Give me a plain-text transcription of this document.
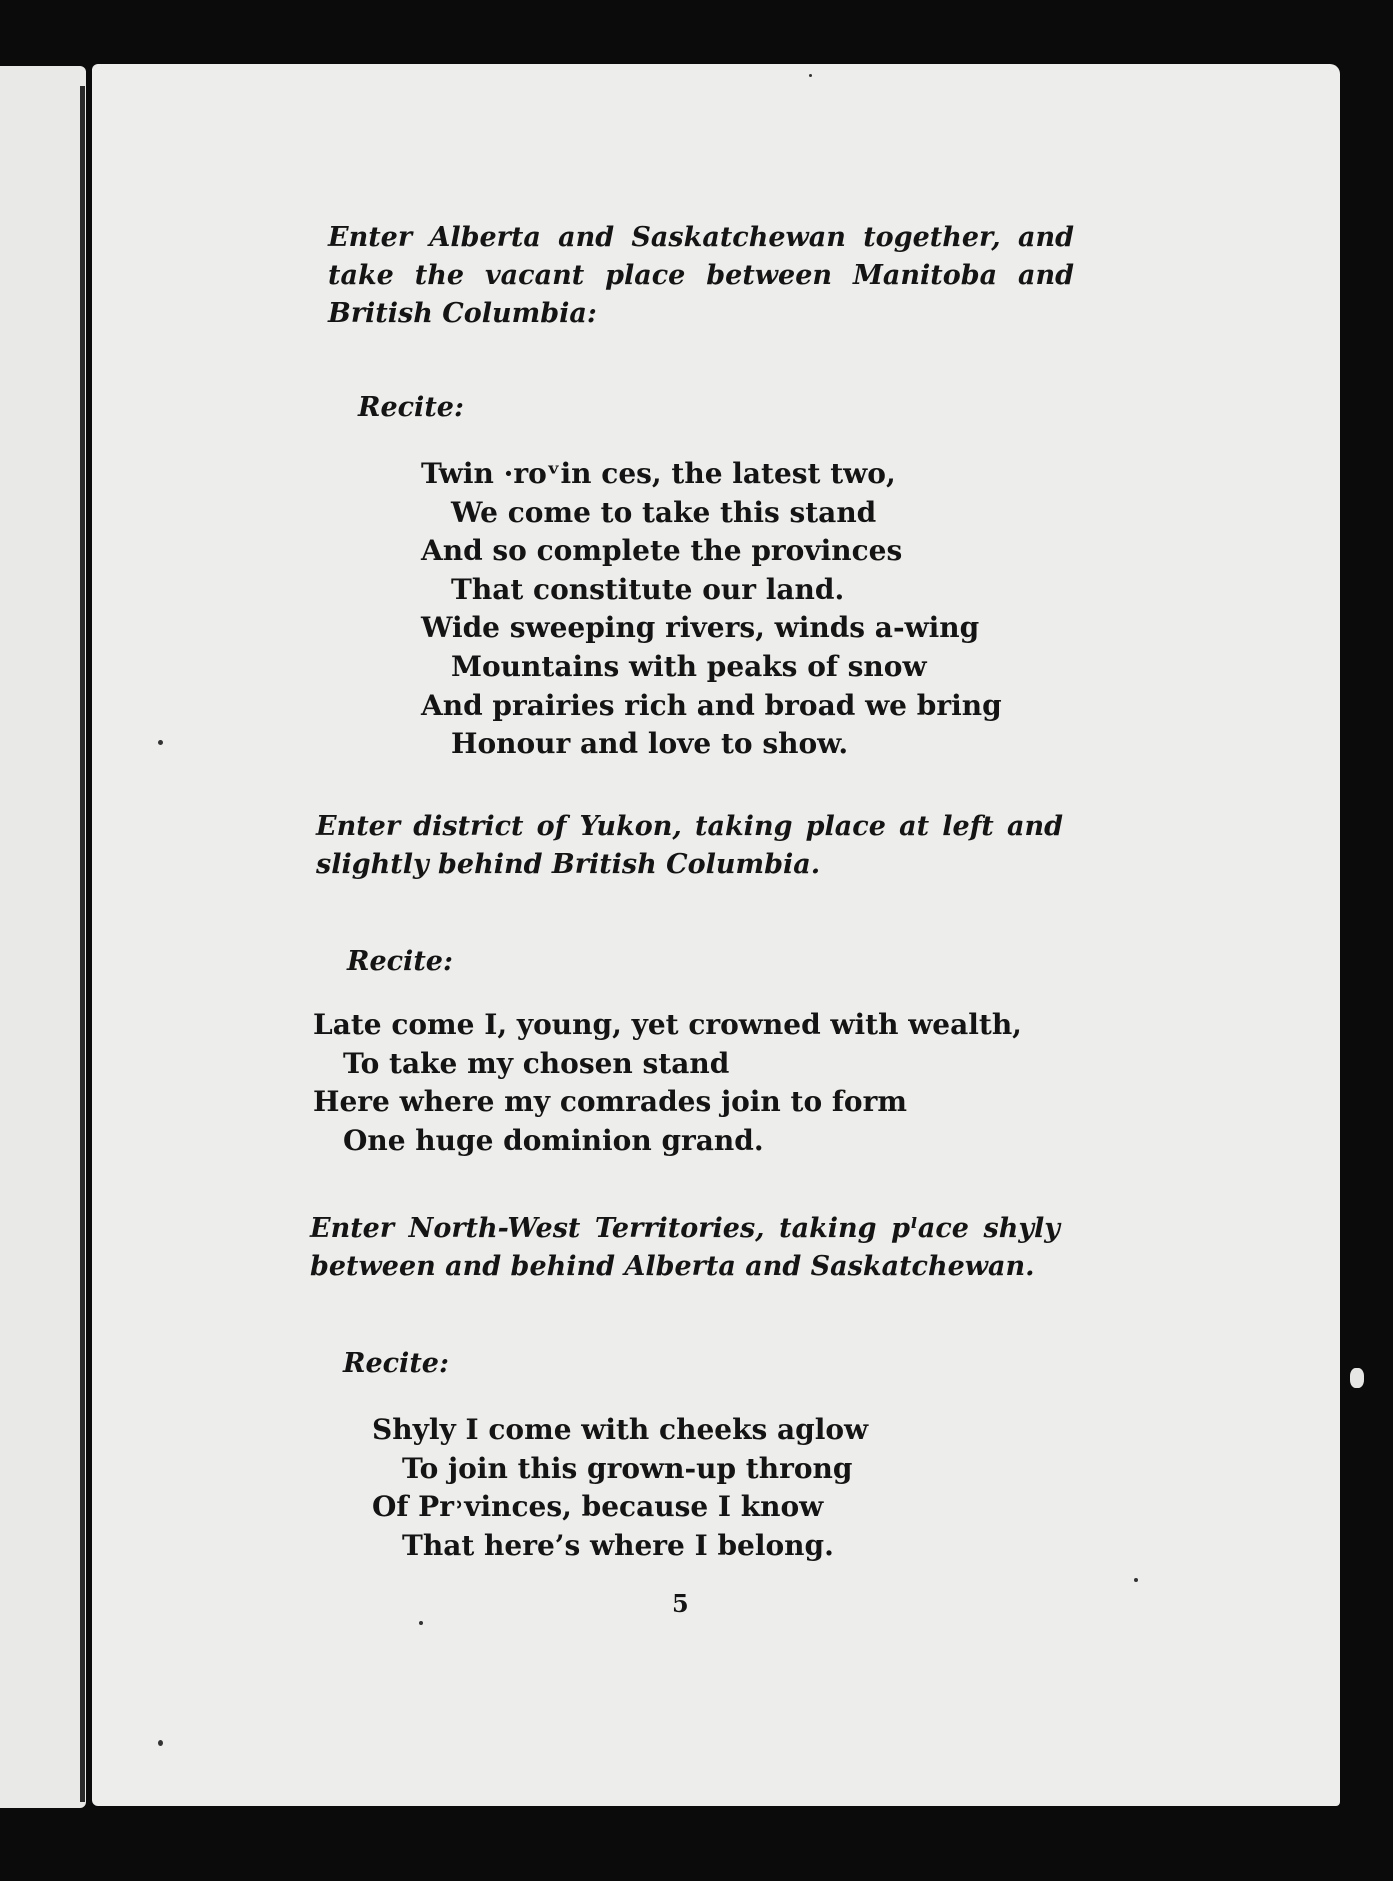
Enter Alberta and Saskatchewan together, and take the vacant place between Manitoba and British Columbia:
Recite:
Twin ·roᵛin ces, the latest two,
We come to take this stand
And so complete the provinces
That constitute our land.
Wide sweeping rivers, winds a-wing
Mountains with peaks of snow
And prairies rich and broad we bring
Honour and love to show.
Enter district of Yukon, taking place at left and slightly behind British Columbia.
Recite:
Late come I, young, yet crowned with wealth,
To take my chosen stand
Here where my comrades join to form
One huge dominion grand.
Enter North-West Territories, taking pˡace shyly between and behind Alberta and Saskatchewan.
Recite:
Shyly I come with cheeks aglow
To join this grown-up throng
Of Pr˒vinces, because I know
That here’s where I belong.
5
